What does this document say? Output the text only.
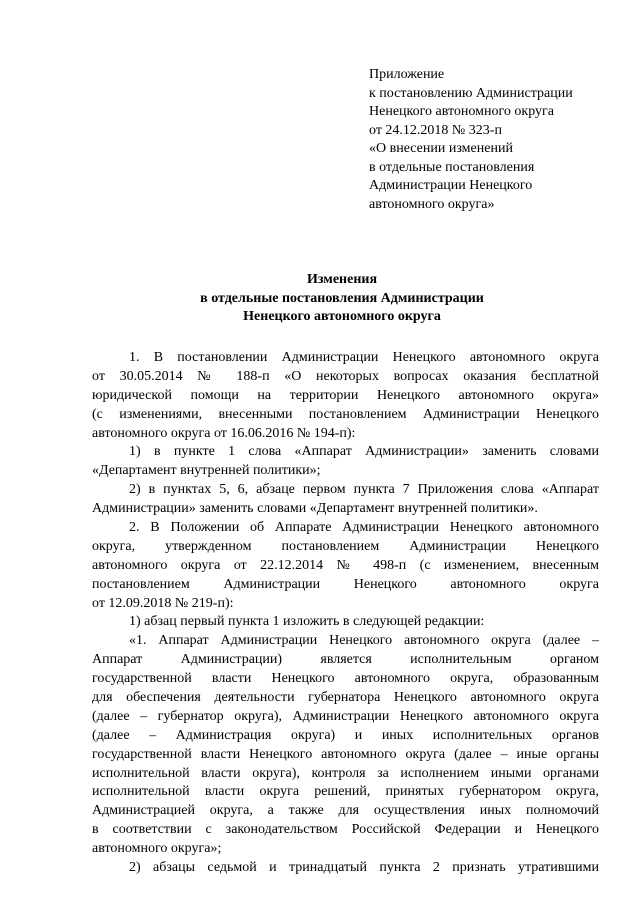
Приложение
к постановлению Администрации
Ненецкого автономного округа
от 24.12.2018 № 323-п
«О внесении изменений
в отдельные постановления
Администрации Ненецкого
автономного округа»
Изменения
в отдельные постановления Администрации
Ненецкого автономного округа
1. В постановлении Администрации Ненецкого автономного округа
от 30.05.2014 № 188-п «О некоторых вопросах оказания бесплатной
юридической помощи на территории Ненецкого автономного округа»
(с изменениями, внесенными постановлением Администрации Ненецкого
автономного округа от 16.06.2016 № 194-п):
1) в пункте 1 слова «Аппарат Администрации» заменить словами
«Департамент внутренней политики»;
2) в пунктах 5, 6, абзаце первом пункта 7 Приложения слова «Аппарат
Администрации» заменить словами «Департамент внутренней политики».
2. В Положении об Аппарате Администрации Ненецкого автономного
округа, утвержденном постановлением Администрации Ненецкого
автономного округа от 22.12.2014 № 498-п (с изменением, внесенным
постановлением Администрации Ненецкого автономного округа
от 12.09.2018 № 219-п):
1) абзац первый пункта 1 изложить в следующей редакции:
«1. Аппарат Администрации Ненецкого автономного округа (далее –
Аппарат Администрации) является исполнительным органом
государственной власти Ненецкого автономного округа, образованным
для обеспечения деятельности губернатора Ненецкого автономного округа
(далее – губернатор округа), Администрации Ненецкого автономного округа
(далее – Администрация округа) и иных исполнительных органов
государственной власти Ненецкого автономного округа (далее – иные органы
исполнительной власти округа), контроля за исполнением иными органами
исполнительной власти округа решений, принятых губернатором округа,
Администрацией округа, а также для осуществления иных полномочий
в соответствии с законодательством Российской Федерации и Ненецкого
автономного округа»;
2) абзацы седьмой и тринадцатый пункта 2 признать утратившими
